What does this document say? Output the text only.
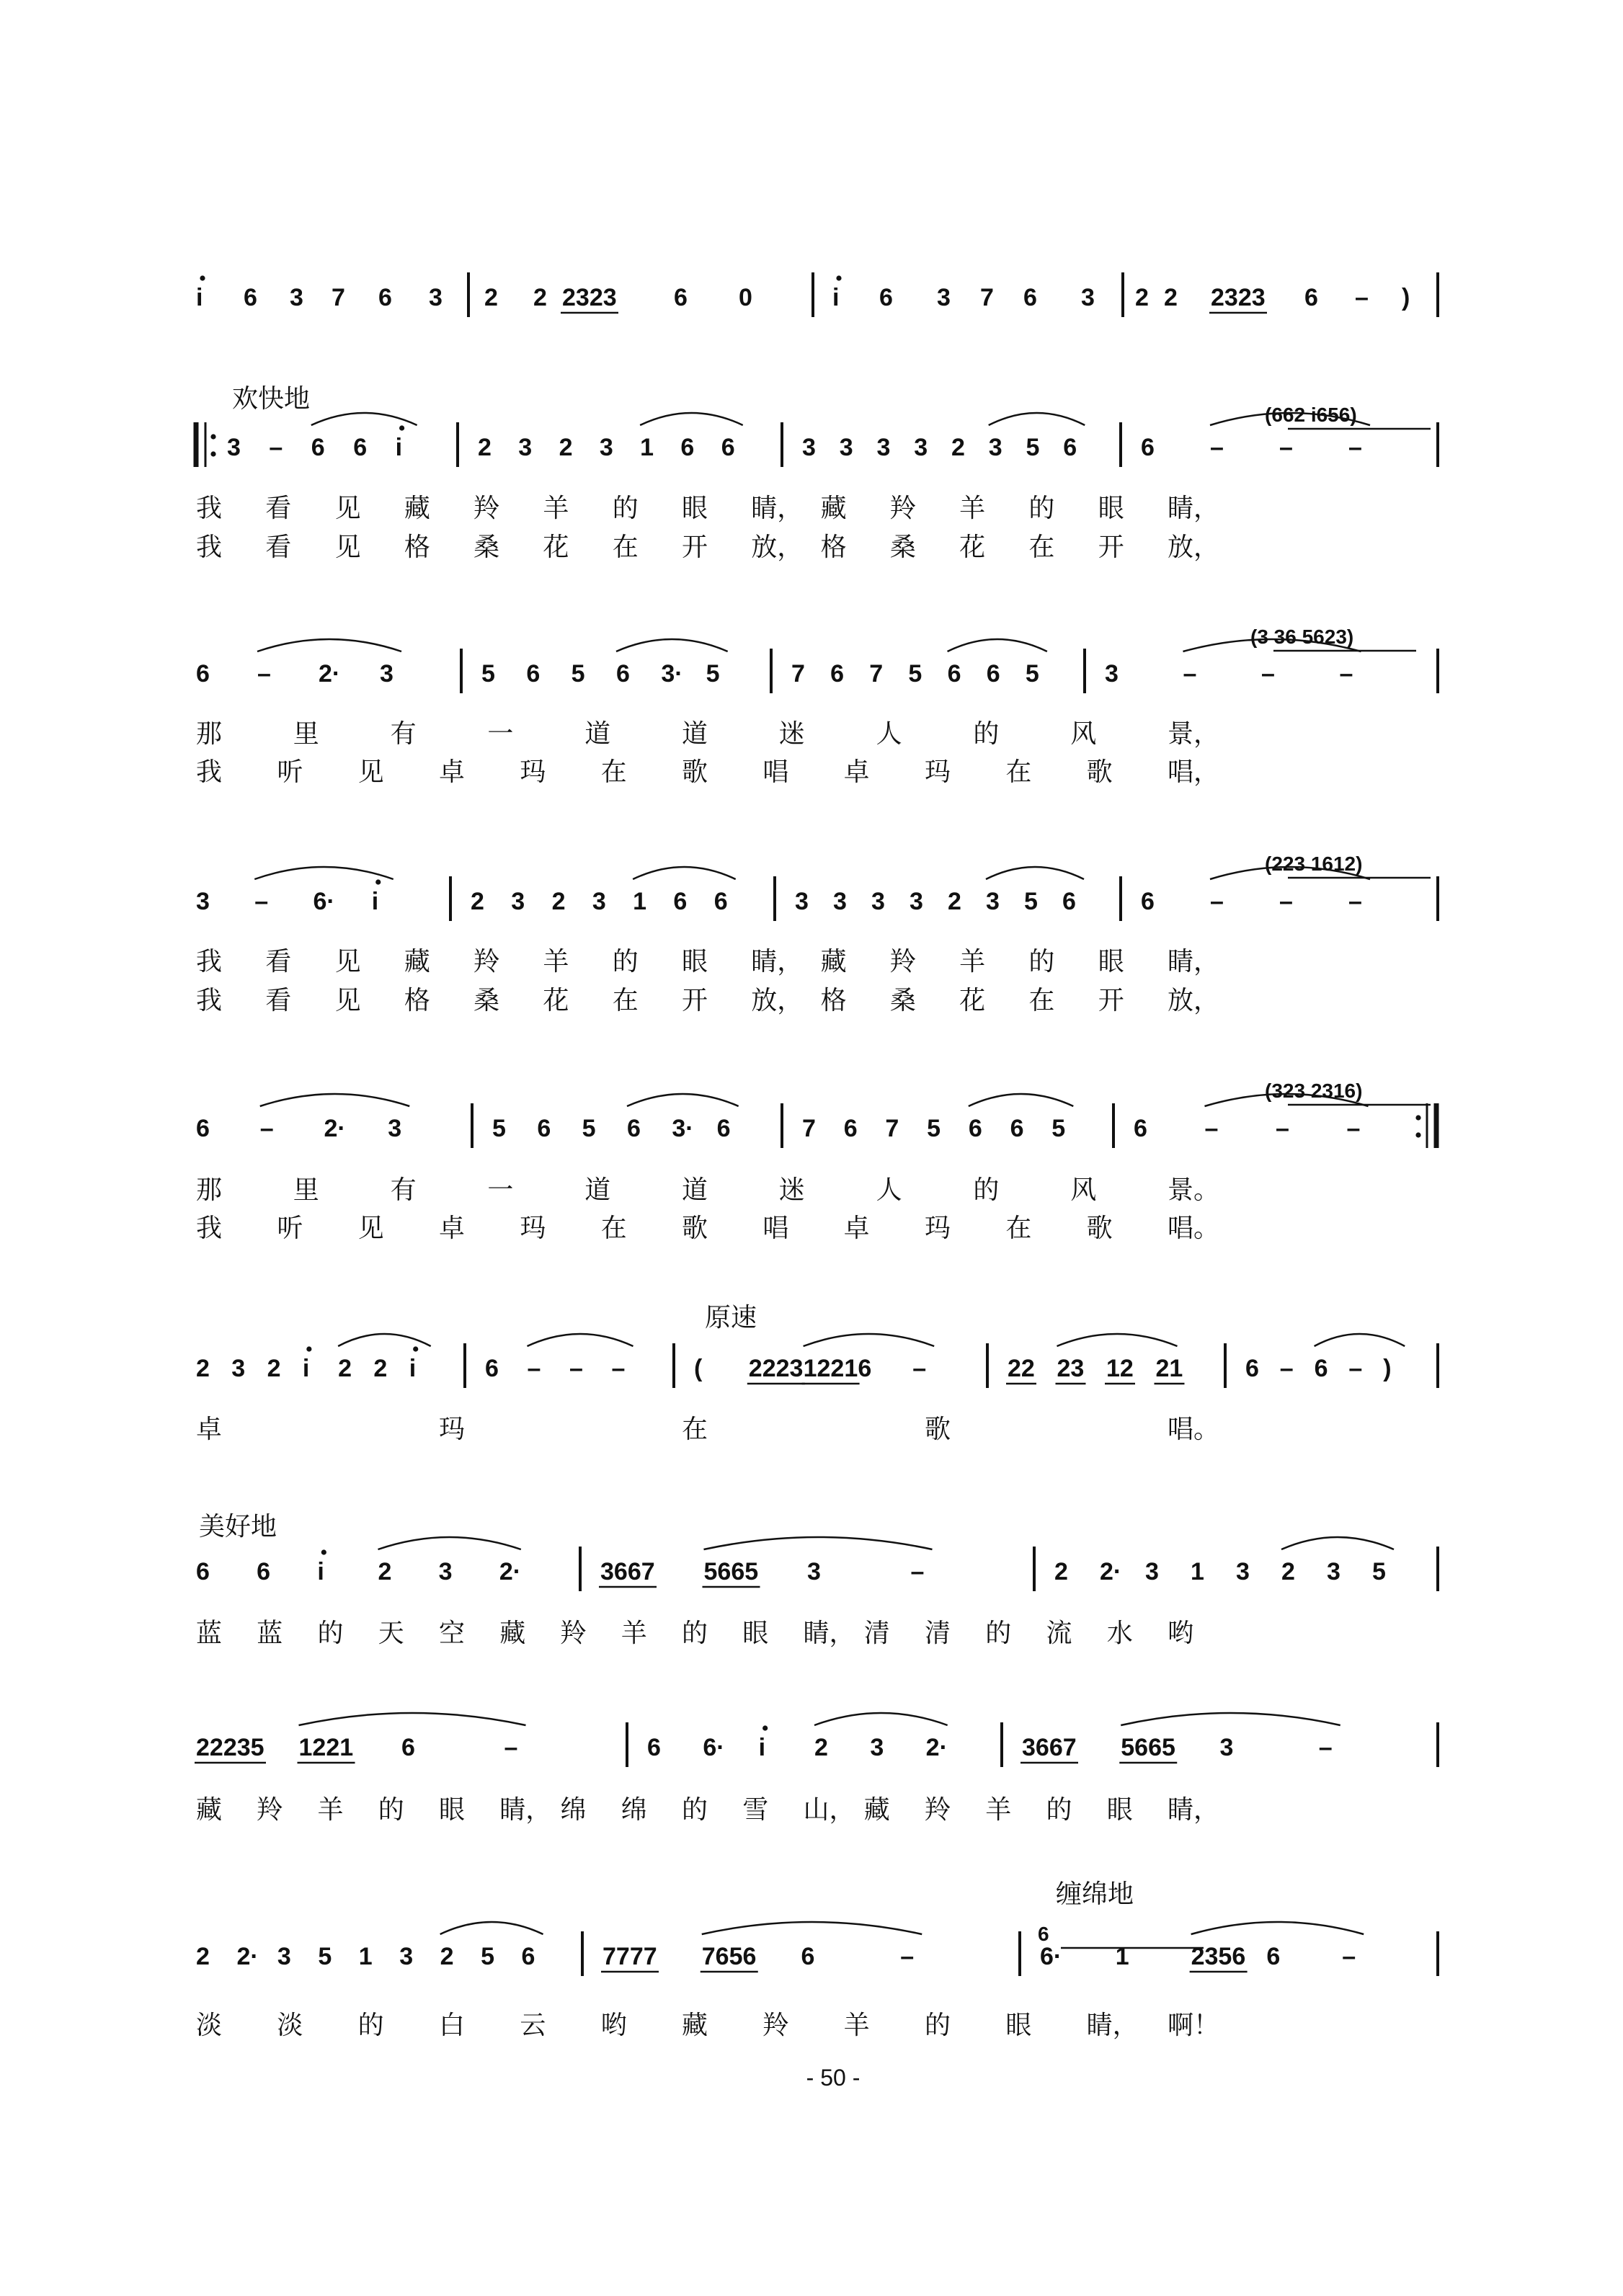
i 6 3 7 6 3 2 2 2323 6 0	i 6 3 7 6 3 2 2 2323 6 – )
欢快地
(662 i656)
3 – 6 6 i	2 3 2 3 1 6 6	3 3 3 3 2 3 5 6	6 – – –
我 看 见 藏 羚 羊 的 眼 睛， 藏 羚 羊 的 眼 睛，
我 看 见 格 桑 花 在 开 放， 格 桑 花 在 开 放，
(3 36 5623)
6 – 2· 3	5 6 5 6 3· 5	7 6 7 5 6 6 5	3	–	–	–
那	里	有	一	道	道	迷	人	的	风	景，
我 听 见 卓 玛 在 歌 唱 卓 玛 在 歌 唱，
(223 1612)
3 – 6· i	2 3 2 3 1 6 6	3 3 3 3 2 3 5 6	6 – – –
我 看 见 藏 羚 羊 的 眼 睛， 藏 羚 羊 的 眼 睛，
我 看 见 格 桑 花 在 开 放， 格 桑 花 在 开 放，
(323 2316)
6 – 2· 3	5 6 5 6 3· 6	7 6 7 5 6 6 5	6 – – –
那	里	有	一	道	道	迷	人	的	风	景。
我 听 见 卓 玛 在 歌 唱 卓 玛 在 歌 唱。
原速
2 3 2 i 2 2 i	6 – – –	( 2223 1221 6 –	22 23 12 21	6 – 6 – )
卓	玛	在	歌	唱。
美好地
6 6 i 2 3 2·	3667 5665 3	–	2 2· 3 1 3 2 3 5
蓝 蓝 的 天 空 藏 羚 羊 的 眼 睛， 清 清 的 流 水 哟
22235 1221 6	–	6 6· i 2 3 2·	3667 5665 3	–
藏 羚 羊 的 眼 睛， 绵 绵 的 雪 山， 藏 羚 羊 的 眼 睛，
缠绵地
6
2 2· 3 5 1 3 2 5 6	7777 7656 6	–	6· 1	2356 6	–
淡 淡 的 白 云 哟 藏 羚 羊 的 眼 睛， 啊！
- 50 -
